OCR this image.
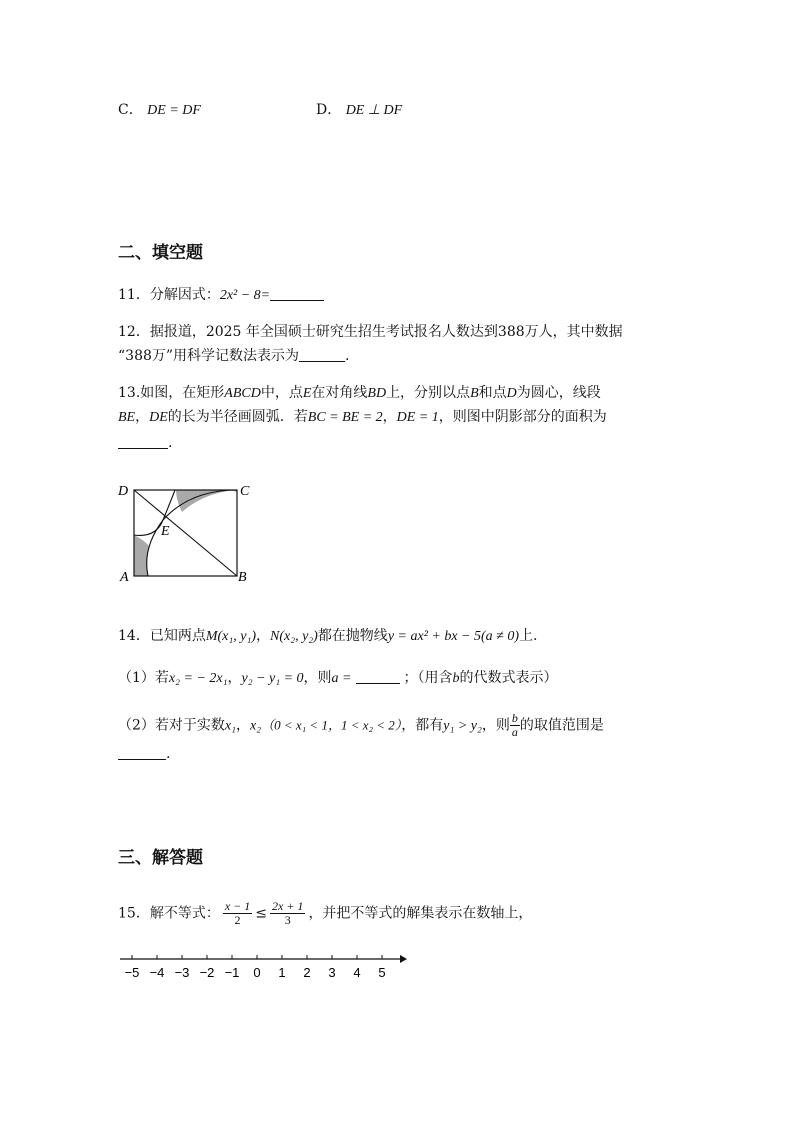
C． DE = DF	D． DE ⊥ DF
二、填空题
11．分解因式：2x² − 8=
12．据报道，2025 年全国硕士研究生招生考试报名人数达到388万人，其中数据
“388万”用科学记数法表示为	.
13.如图，在矩形ABCD中，点E在对角线BD上，分别以点B和点D为圆心，线段
BE，DE的长为半径画圆弧．若BC = BE = 2，DE = 1，则图中阴影部分的面积为
.
D	C
E
A	B
14．已知两点M(x₁, y₁)，N(x₂, y₂)都在抛物线y = ax² + bx − 5(a ≠ 0)上.
（1）若x₂ = − 2x₁，y₂ − y₁ = 0，则a =	；（用含b的代数式表示）
（2）若对于实数x₁，x₂（0 < x₁ < 1，1 < x₂ < 2），都有y₁ > y₂，则 $\frac{b}{a}$ 的取值范围是
.
三、解答题
15．解不等式： $\frac{x - 1}{2} \le \frac{2x + 1}{3}$ ，并把不等式的解集表示在数轴上，
−5 −4 −3 −2 −1 0 1 2 3 4 5
